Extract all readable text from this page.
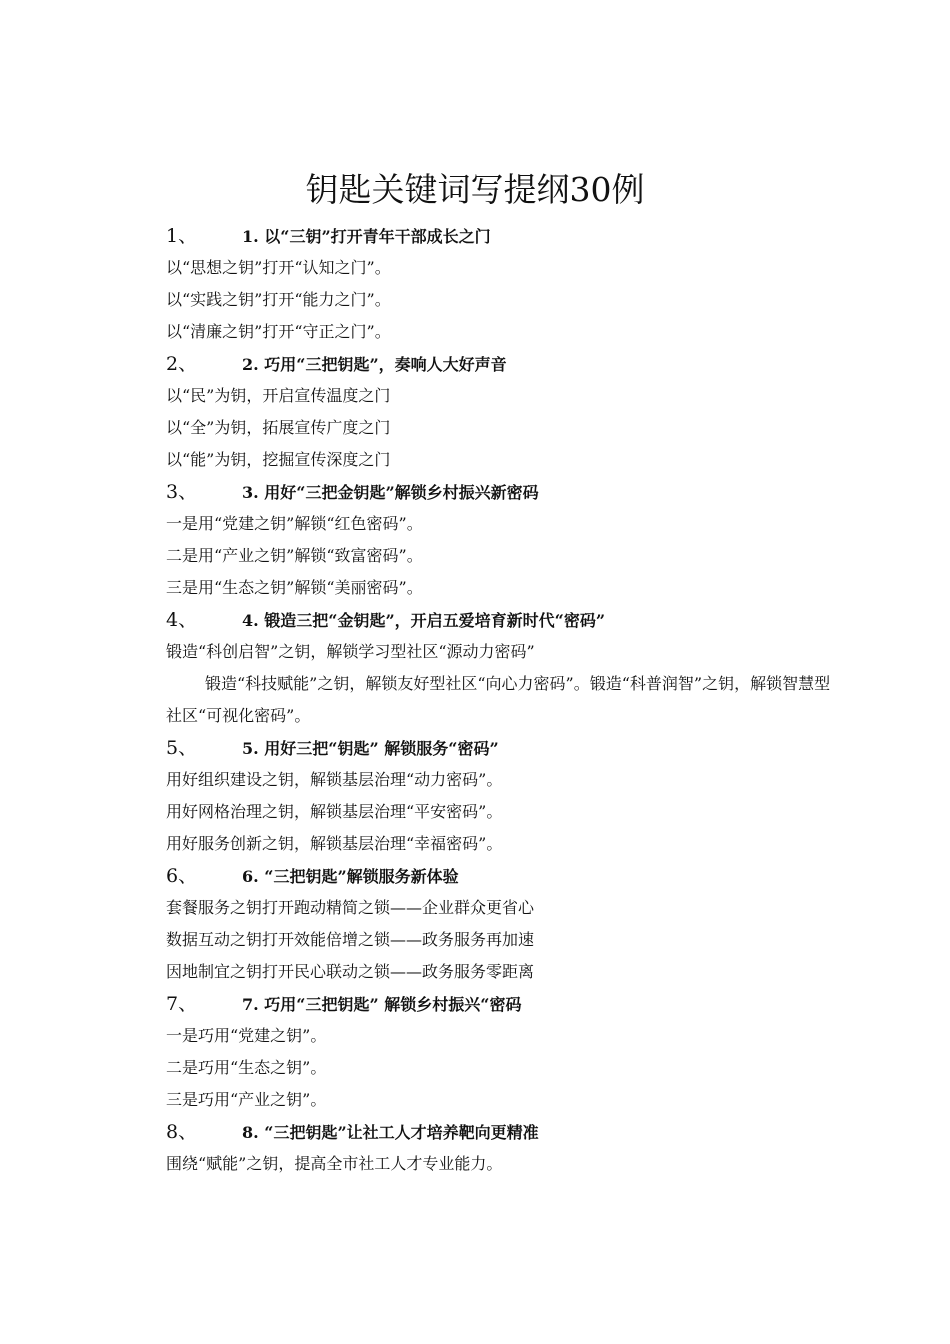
钥匙关键词写提纲30例
1、	1. 以“三钥”打开青年干部成长之门
以“思想之钥”打开“认知之门”。
以“实践之钥”打开“能力之门”。
以“清廉之钥”打开“守正之门”。
2、	2. 巧用“三把钥匙”，奏响人大好声音
以“民”为钥，开启宣传温度之门
以“全”为钥，拓展宣传广度之门
以“能”为钥，挖掘宣传深度之门
3、	3. 用好“三把金钥匙”解锁乡村振兴新密码
一是用“党建之钥”解锁“红色密码”。
二是用“产业之钥”解锁“致富密码”。
三是用“生态之钥”解锁“美丽密码”。
4、	4. 锻造三把“金钥匙”，开启五爱培育新时代“密码”
锻造“科创启智”之钥，解锁学习型社区“源动力密码”

锻造“科技赋能”之钥，解锁友好型社区“向心力密码”。锻造“科普润智”之钥，解锁智慧型社区“可视化密码”。

5、	5. 用好三把“钥匙” 解锁服务“密码”
用好组织建设之钥，解锁基层治理“动力密码”。
用好网格治理之钥，解锁基层治理“平安密码”。
用好服务创新之钥，解锁基层治理“幸福密码”。
6、	6. “三把钥匙”解锁服务新体验
套餐服务之钥打开跑动精简之锁——企业群众更省心
数据互动之钥打开效能倍增之锁——政务服务再加速
因地制宜之钥打开民心联动之锁——政务服务零距离
7、	7. 巧用“三把钥匙” 解锁乡村振兴“密码
一是巧用“党建之钥”。
二是巧用“生态之钥”。
三是巧用“产业之钥”。
8、	8. “三把钥匙”让社工人才培养靶向更精准
围绕“赋能”之钥，提高全市社工人才专业能力。
